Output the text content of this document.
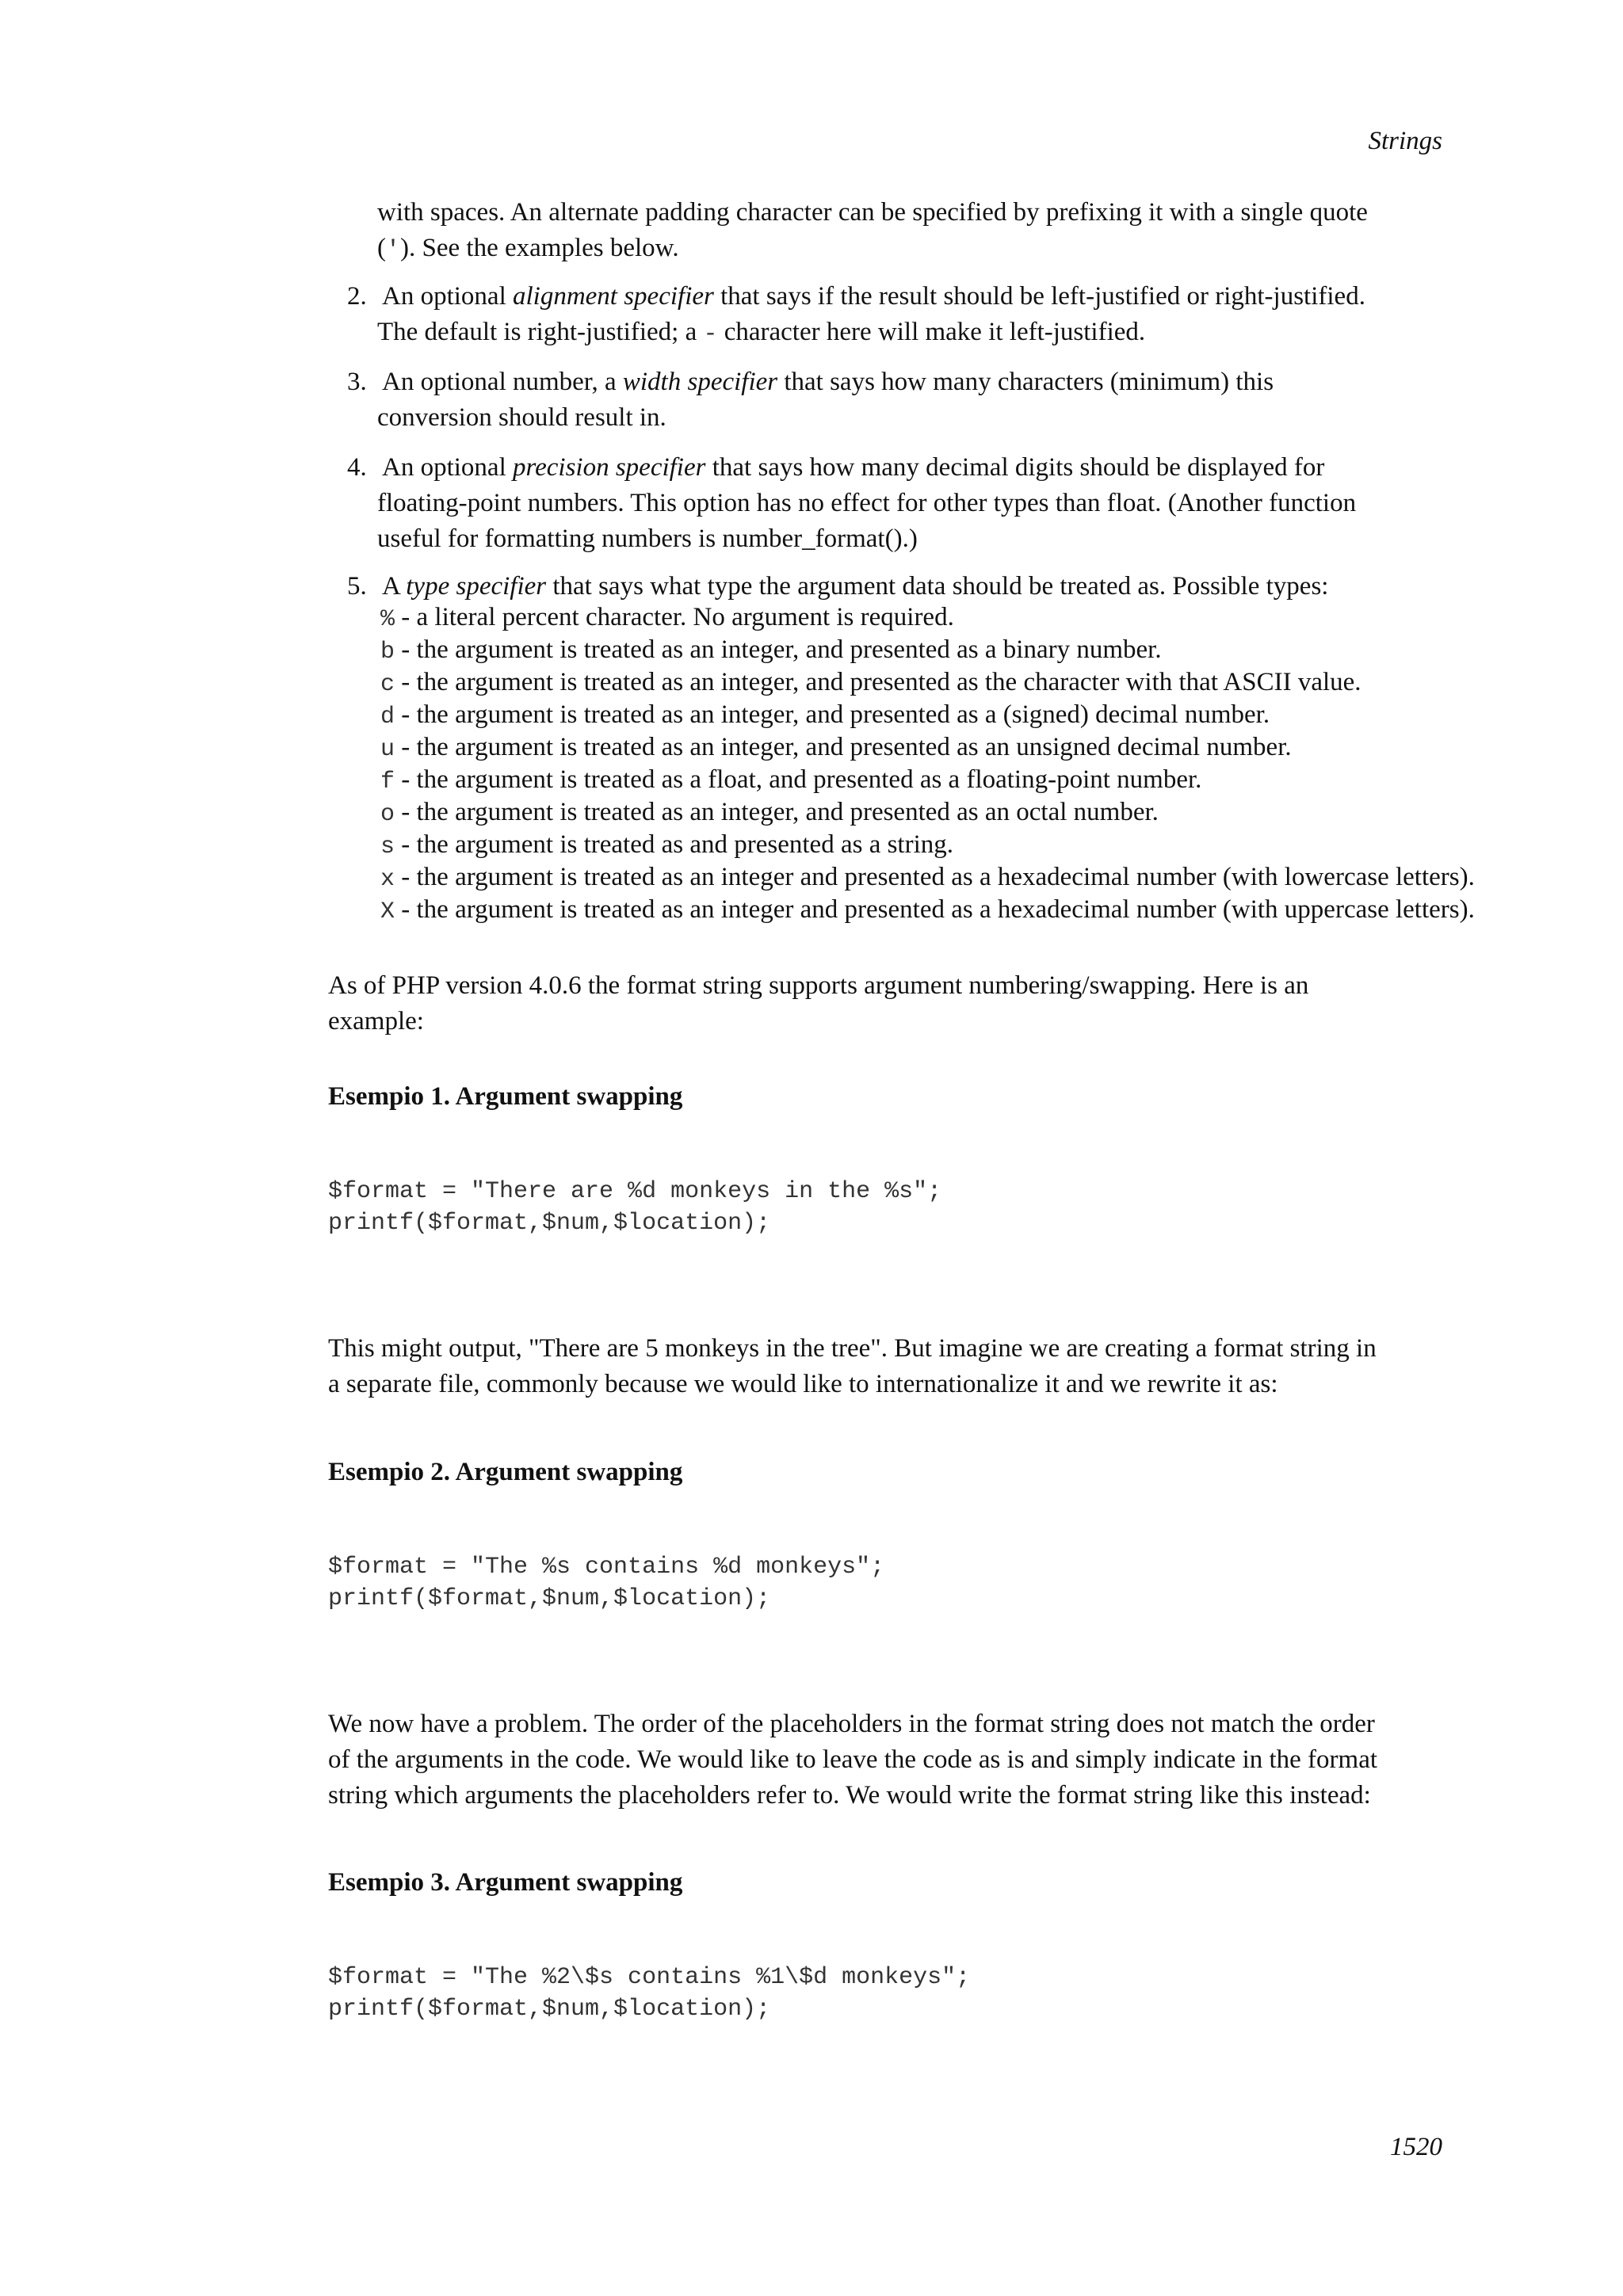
Strings
with spaces. An alternate padding character can be specified by prefixing it with a single quote
('). See the examples below.
2. An optional alignment specifier that says if the result should be left-justified or right-justified.
The default is right-justified; a - character here will make it left-justified.
3. An optional number, a width specifier that says how many characters (minimum) this
conversion should result in.
4. An optional precision specifier that says how many decimal digits should be displayed for
floating-point numbers. This option has no effect for other types than float. (Another function
useful for formatting numbers is number_format().)
5. A type specifier that says what type the argument data should be treated as. Possible types:
% - a literal percent character. No argument is required.
b - the argument is treated as an integer, and presented as a binary number.
c - the argument is treated as an integer, and presented as the character with that ASCII value.
d - the argument is treated as an integer, and presented as a (signed) decimal number.
u - the argument is treated as an integer, and presented as an unsigned decimal number.
f - the argument is treated as a float, and presented as a floating-point number.
o - the argument is treated as an integer, and presented as an octal number.
s - the argument is treated as and presented as a string.
x - the argument is treated as an integer and presented as a hexadecimal number (with lowercase letters).
X - the argument is treated as an integer and presented as a hexadecimal number (with uppercase letters).
As of PHP version 4.0.6 the format string supports argument numbering/swapping. Here is an
example:
Esempio 1. Argument swapping
$format = "There are %d monkeys in the %s";
printf($format,$num,$location);
This might output, "There are 5 monkeys in the tree". But imagine we are creating a format string in
a separate file, commonly because we would like to internationalize it and we rewrite it as:
Esempio 2. Argument swapping
$format = "The %s contains %d monkeys";
printf($format,$num,$location);
We now have a problem. The order of the placeholders in the format string does not match the order
of the arguments in the code. We would like to leave the code as is and simply indicate in the format
string which arguments the placeholders refer to. We would write the format string like this instead:
Esempio 3. Argument swapping
$format = "The %2\$s contains %1\$d monkeys";
printf($format,$num,$location);
1520
